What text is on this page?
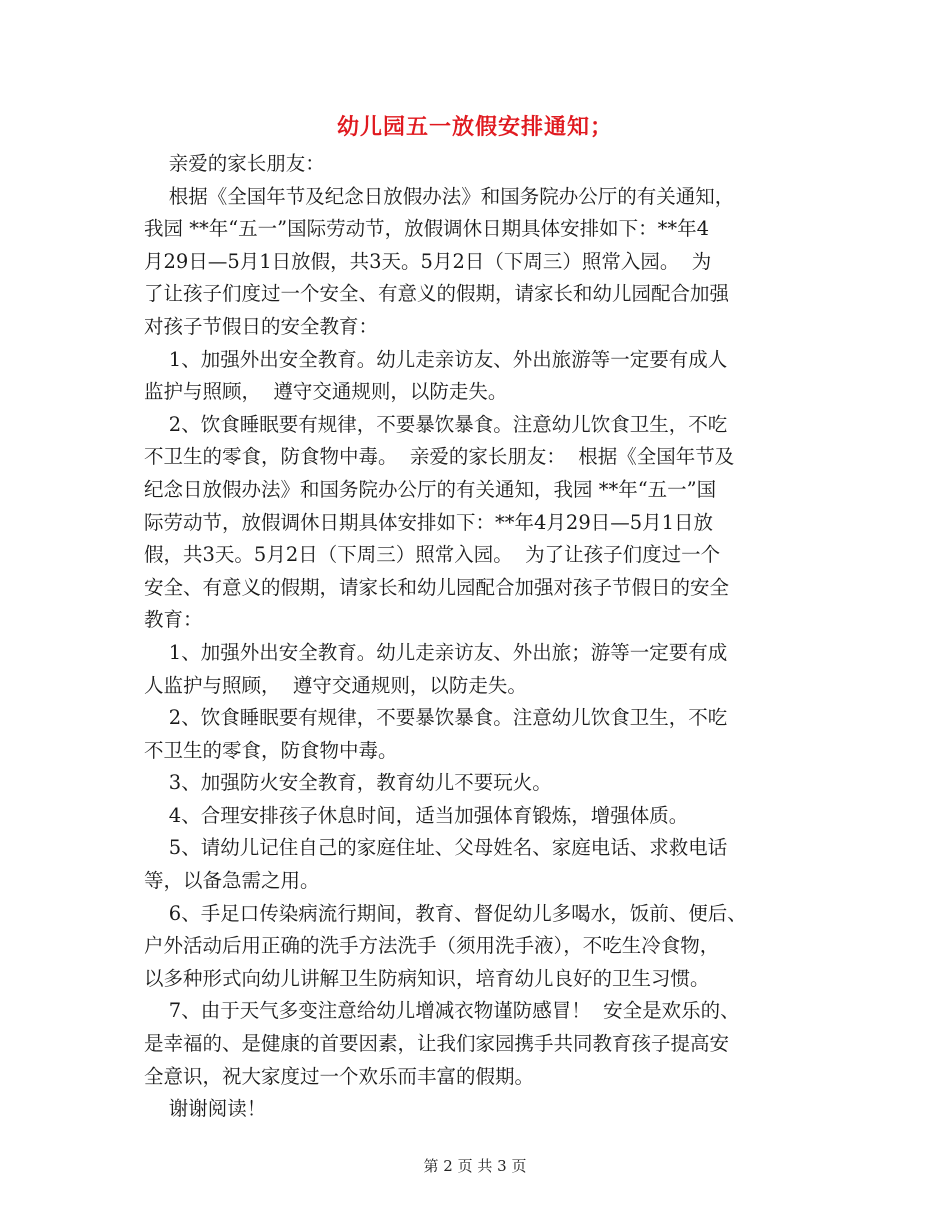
幼儿园五一放假安排通知；
亲爱的家长朋友：
根据《全国年节及纪念日放假办法》和国务院办公厅的有关通知，
我园 **年“五一”国际劳动节，放假调休日期具体安排如下：**年4
月29日—5月1日放假，共3天。5月2日（下周三）照常入园。  为
了让孩子们度过一个安全、有意义的假期，请家长和幼儿园配合加强
对孩子节假日的安全教育：
1、加强外出安全教育。幼儿走亲访友、外出旅游等一定要有成人
监护与照顾，  遵守交通规则，以防走失。
2、饮食睡眠要有规律，不要暴饮暴食。注意幼儿饮食卫生，不吃
不卫生的零食，防食物中毒。  亲爱的家长朋友：  根据《全国年节及
纪念日放假办法》和国务院办公厅的有关通知，我园 **年“五一”国
际劳动节，放假调休日期具体安排如下：**年4月29日—5月1日放
假，共3天。5月2日（下周三）照常入园。  为了让孩子们度过一个
安全、有意义的假期，请家长和幼儿园配合加强对孩子节假日的安全
教育：
1、加强外出安全教育。幼儿走亲访友、外出旅；游等一定要有成
人监护与照顾，  遵守交通规则，以防走失。
2、饮食睡眠要有规律，不要暴饮暴食。注意幼儿饮食卫生，不吃
不卫生的零食，防食物中毒。
3、加强防火安全教育，教育幼儿不要玩火。
4、合理安排孩子休息时间，适当加强体育锻炼，增强体质。
5、请幼儿记住自己的家庭住址、父母姓名、家庭电话、求救电话
等，以备急需之用。
6、手足口传染病流行期间，教育、督促幼儿多喝水，饭前、便后、
户外活动后用正确的洗手方法洗手（须用洗手液），不吃生冷食物，
以多种形式向幼儿讲解卫生防病知识，培育幼儿良好的卫生习惯。
7、由于天气多变注意给幼儿增减衣物谨防感冒！  安全是欢乐的、
是幸福的、是健康的首要因素，让我们家园携手共同教育孩子提高安
全意识，祝大家度过一个欢乐而丰富的假期。
谢谢阅读！
第 2 页 共 3 页
